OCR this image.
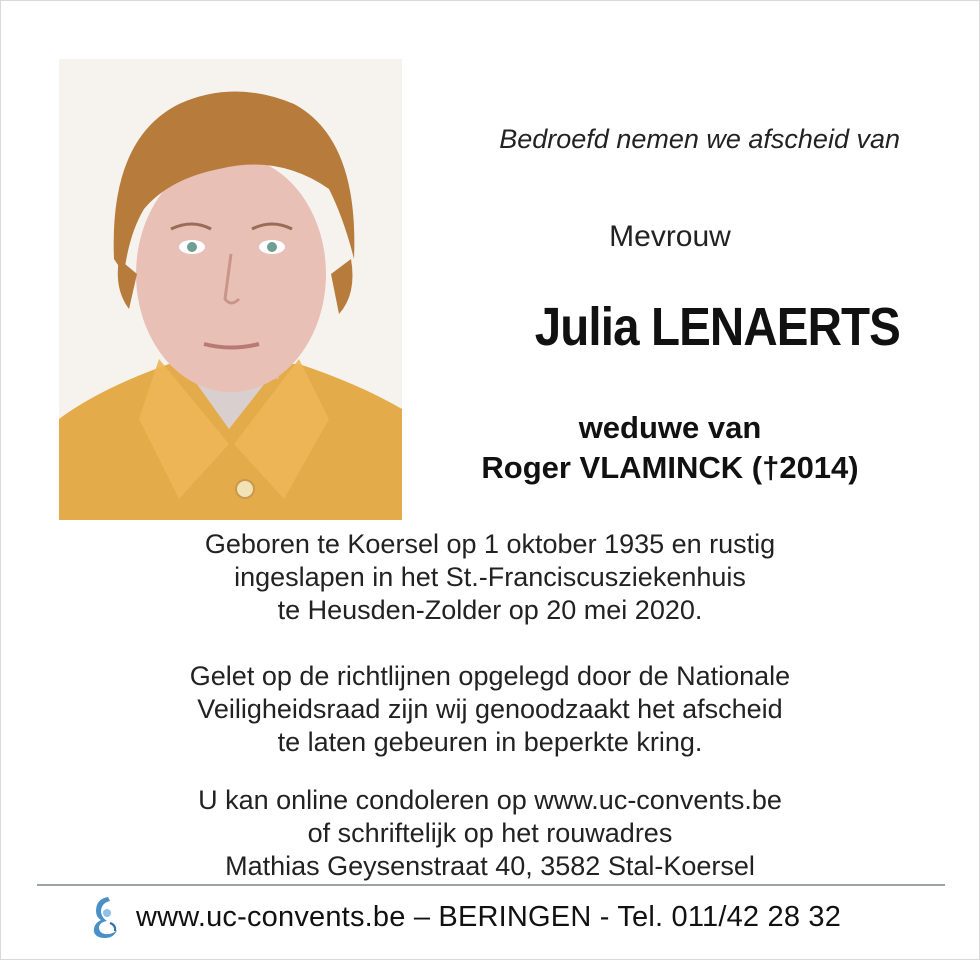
Bedroefd nemen we afscheid van
Mevrouw
Julia LENAERTS
weduwe van
Roger VLAMINCK (†2014)
Geboren te Koersel op 1 oktober 1935 en rustig
ingeslapen in het St.-Franciscusziekenhuis
te Heusden-Zolder op 20 mei 2020.
Gelet op de richtlijnen opgelegd door de Nationale
Veiligheidsraad zijn wij genoodzaakt het afscheid
te laten gebeuren in beperkte kring.
U kan online condoleren op www.uc-convents.be
of schriftelijk op het rouwadres
Mathias Geysenstraat 40, 3582 Stal-Koersel
www.uc-convents.be – BERINGEN - Tel. 011/42 28 32
